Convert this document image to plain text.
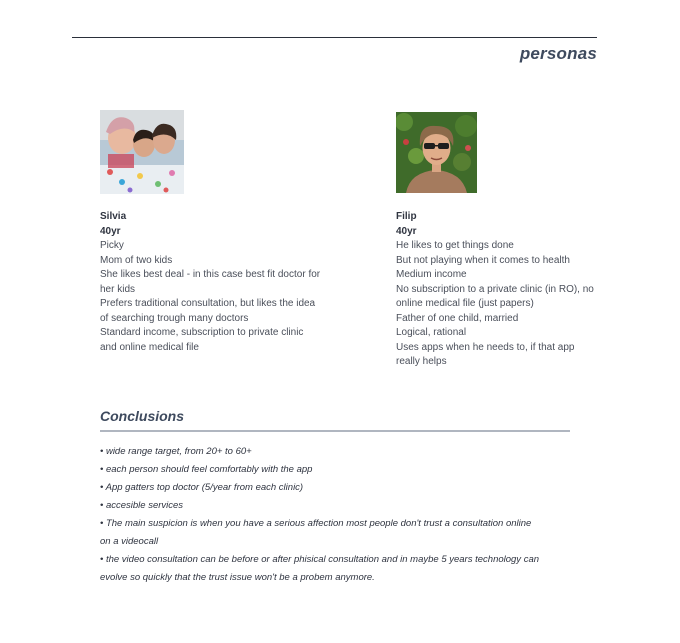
personas
Silvia
40yr
Picky
Mom of two kids
She likes best deal - in this case best fit doctor for
her kids
Prefers traditional consultation, but likes the idea
of searching trough many doctors
Standard income, subscription to private clinic
and online medical file
Filip
40yr
He likes to get things done
But not playing when it comes to health
Medium income
No subscription to a private clinic (in RO), no
online medical file (just papers)
Father of one child, married
Logical, rational
Uses apps when he needs to, if that app
really helps
Conclusions
• wide range target, from 20+ to 60+
• each person should feel comfortably with the app
• App gatters top doctor (5/year from each clinic)
• accesible services
• The main suspicion is when you have a serious affection most people don't trust a consultation online
on a videocall
• the video consultation can be before or after phisical consultation and in maybe 5 years technology can
evolve so quickly that the trust issue won't be a probem anymore.
